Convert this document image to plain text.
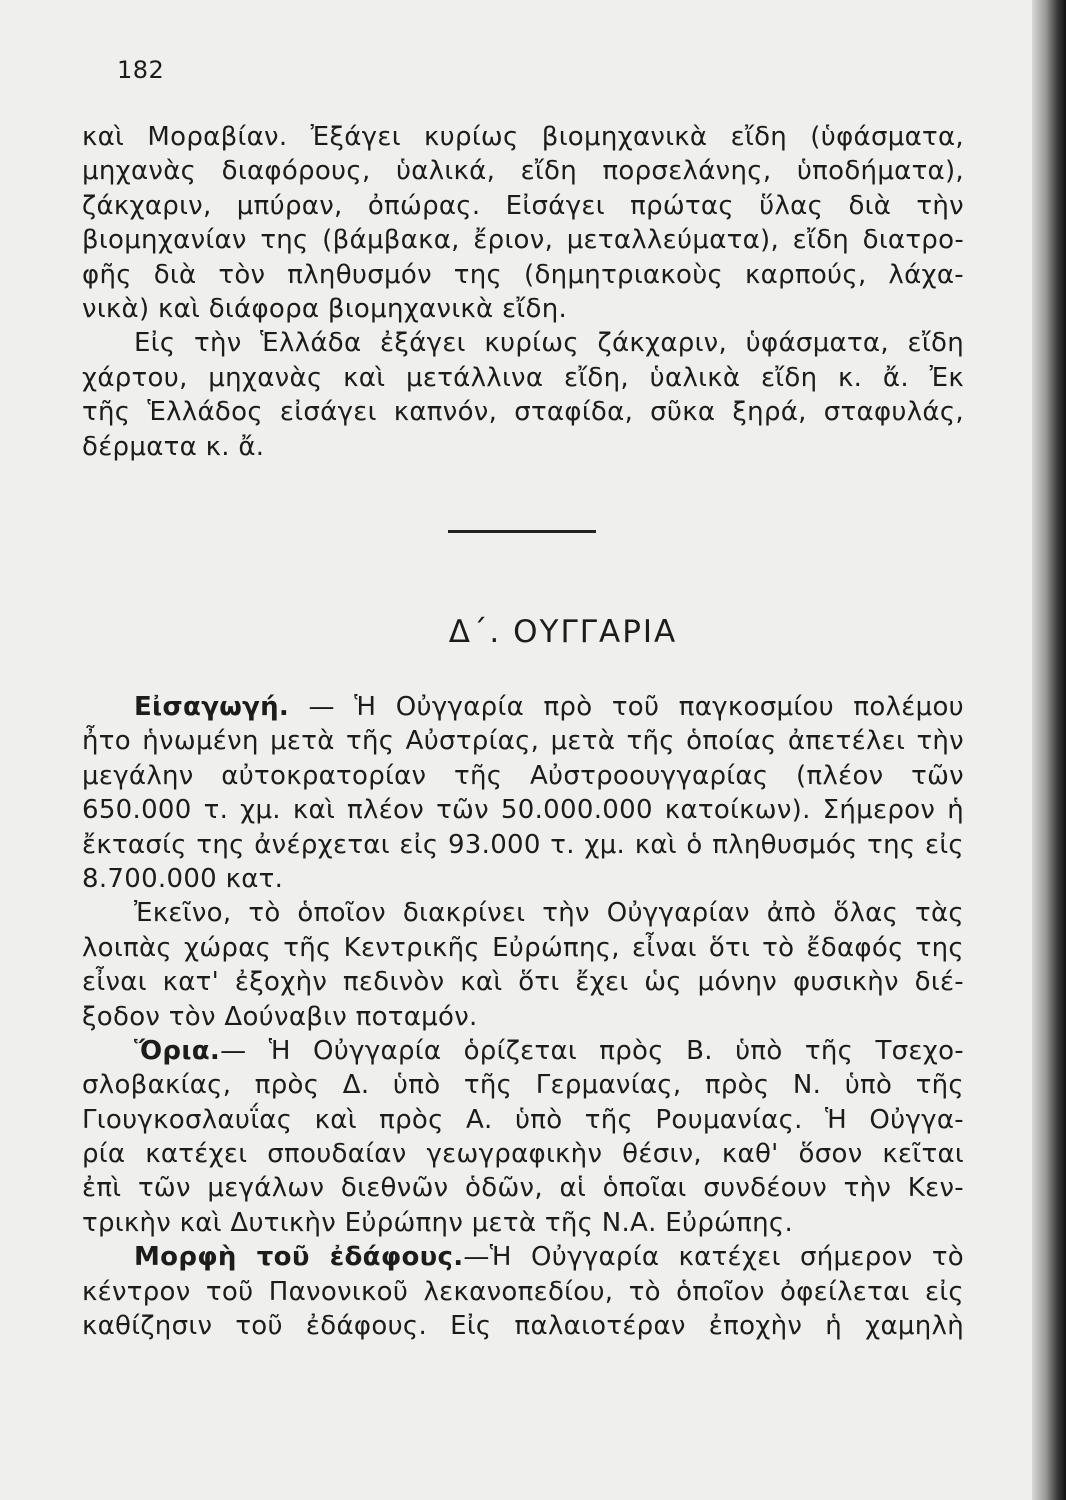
182
καὶ Μοραβίαν. Ἐξάγει κυρίως βιομηχανικὰ εἴδη (ὑφάσματα,
μηχανὰς διαφόρους, ὑαλικά, εἴδη πορσελάνης, ὑποδήματα),
ζάκχαριν, μπύραν, ὀπώρας. Εἰσάγει πρώτας ὕλας διὰ τὴν
βιομηχανίαν της (βάμβακα, ἔριον, μεταλλεύματα), εἴδη διατρο-
φῆς διὰ τὸν πληθυσμόν της (δημητριακοὺς καρπούς, λάχα-
νικὰ) καὶ διάφορα βιομηχανικὰ εἴδη.
Εἰς τὴν Ἑλλάδα ἐξάγει κυρίως ζάκχαριν, ὑφάσματα, εἴδη
χάρτου, μηχανὰς καὶ μετάλλινα εἴδη, ὑαλικὰ εἴδη κ. ἄ. Ἐκ
τῆς Ἑλλάδος εἰσάγει καπνόν, σταφίδα, σῦκα ξηρά, σταφυλάς,
δέρματα κ. ἄ.
Δ΄. ΟΥΓΓΑΡΙΑ
Εἰσαγωγή. — Ἡ Οὐγγαρία πρὸ τοῦ παγκοσμίου πολέμου
ἦτο ἡνωμένη μετὰ τῆς Αὐστρίας, μετὰ τῆς ὁποίας ἀπετέλει τὴν
μεγάλην αὐτοκρατορίαν τῆς Αὐστροουγγαρίας (πλέον τῶν
650.000 τ. χμ. καὶ πλέον τῶν 50.000.000 κατοίκων). Σήμερον ἡ
ἔκτασίς της ἀνέρχεται εἰς 93.000 τ. χμ. καὶ ὁ πληθυσμός της εἰς
8.700.000 κατ.
Ἐκεῖνο, τὸ ὁποῖον διακρίνει τὴν Οὐγγαρίαν ἀπὸ ὅλας τὰς
λοιπὰς χώρας τῆς Κεντρικῆς Εὐρώπης, εἶναι ὅτι τὸ ἔδαφός της
εἶναι κατ' ἐξοχὴν πεδινὸν καὶ ὅτι ἔχει ὡς μόνην φυσικὴν διέ-
ξοδον τὸν Δούναβιν ποταμόν.
Ὅρια.— Ἡ Οὐγγαρία ὁρίζεται πρὸς Β. ὑπὸ τῆς Τσεχο-
σλοβακίας, πρὸς Δ. ὑπὸ τῆς Γερμανίας, πρὸς Ν. ὑπὸ τῆς
Γιουγκοσλαυΐας καὶ πρὸς Α. ὑπὸ τῆς Ρουμανίας. Ἡ Οὐγγα-
ρία κατέχει σπουδαίαν γεωγραφικὴν θέσιν, καθ' ὅσον κεῖται
ἐπὶ τῶν μεγάλων διεθνῶν ὁδῶν, αἱ ὁποῖαι συνδέουν τὴν Κεν-
τρικὴν καὶ Δυτικὴν Εὐρώπην μετὰ τῆς Ν.Α. Εὐρώπης.
Μορφὴ τοῦ ἐδάφους.—Ἡ Οὐγγαρία κατέχει σήμερον τὸ
κέντρον τοῦ Πανονικοῦ λεκανοπεδίου, τὸ ὁποῖον ὀφείλεται εἰς
καθίζησιν τοῦ ἐδάφους. Εἰς παλαιοτέραν ἐποχὴν ἡ χαμηλὴ
